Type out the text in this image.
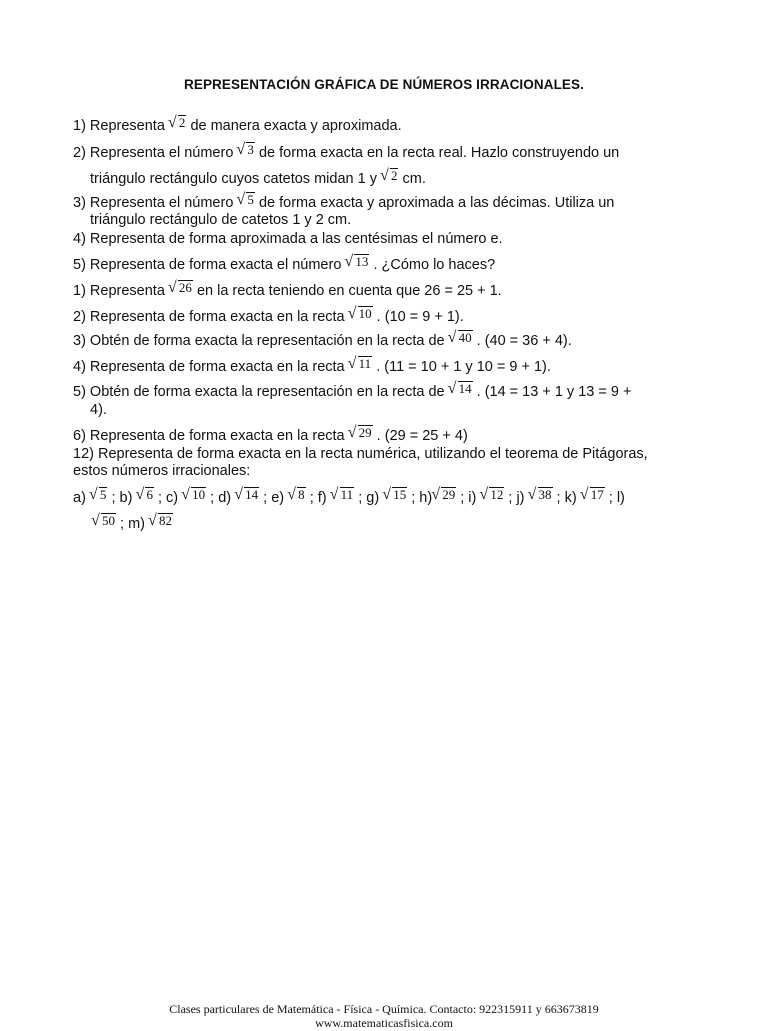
REPRESENTACIÓN GRÁFICA DE NÚMEROS IRRACIONALES.
1) Representa √ 2 de manera exacta y aproximada.
2) Representa el número √ 3 de forma exacta en la recta real. Hazlo construyendo un
triángulo rectángulo cuyos catetos midan 1 y √ 2 cm.
3) Representa el número √ 5 de forma exacta y aproximada a las décimas. Utiliza un
triángulo rectángulo de catetos 1 y 2 cm.
4) Representa de forma aproximada a las centésimas el número e.
5) Representa de forma exacta el número √ 13 . ¿Cómo lo haces?
1) Representa √ 26 en la recta teniendo en cuenta que 26 = 25 + 1.
2) Representa de forma exacta en la recta √ 10 . (10 = 9 + 1).
3) Obtén de forma exacta la representación en la recta de √ 40 . (40 = 36 + 4).
4) Representa de forma exacta en la recta √ 11 . (11 = 10 + 1 y 10 = 9 + 1).
5) Obtén de forma exacta la representación en la recta de √ 14 . (14 = 13 + 1 y 13 = 9 +
4).
6) Representa de forma exacta en la recta √ 29 . (29 = 25 + 4)
12) Representa de forma exacta en la recta numérica, utilizando el teorema de Pitágoras,
estos números irracionales:
a) √ 5 ; b) √ 6 ; c) √ 10 ; d) √ 14 ; e) √ 8 ; f) √ 11 ; g) √ 15 ; h)√ 29 ; i) √ 12 ; j) √ 38 ; k) √ 17 ; l)
√ 50 ; m) √ 82
Clases particulares de Matemática - Física - Química. Contacto: 922315911 y 663673819
www.matematicasfisica.com
